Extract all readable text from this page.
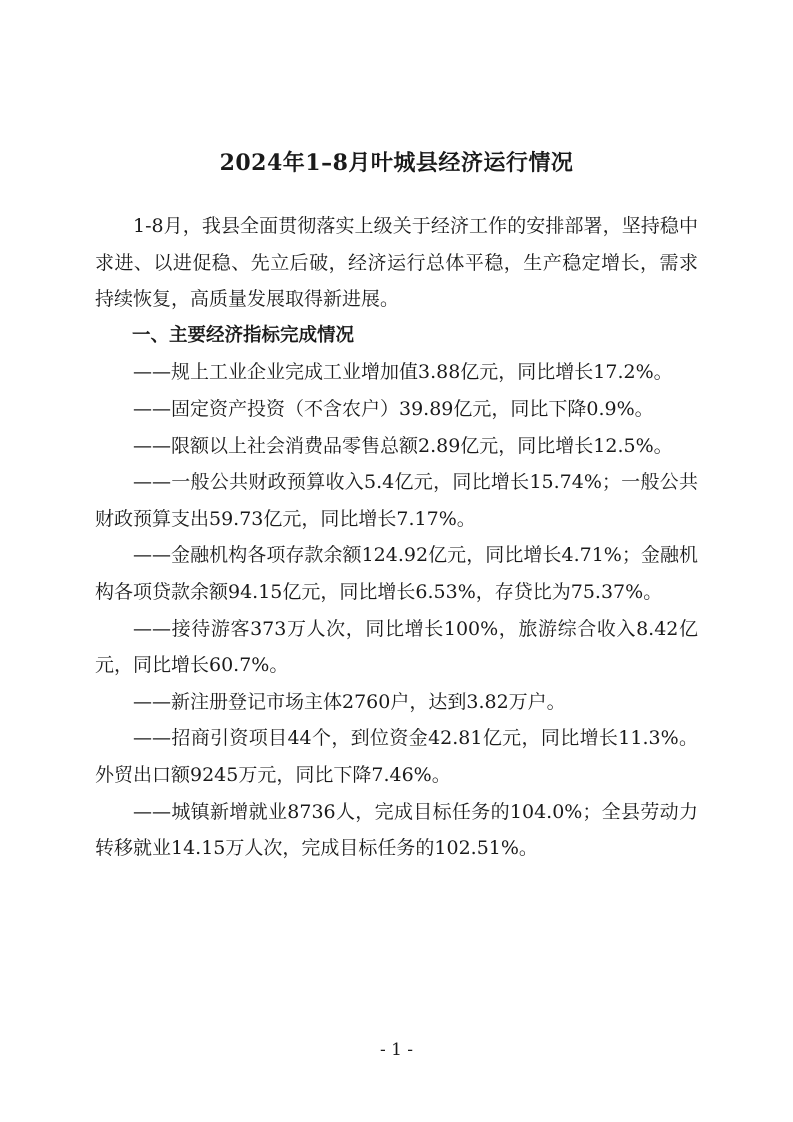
2024年1–8月叶城县经济运行情况

1-8月，我县全面贯彻落实上级关于经济工作的安排部署，坚持稳中求进、以进促稳、先立后破，经济运行总体平稳，生产稳定增长，需求持续恢复，高质量发展取得新进展。

一、主要经济指标完成情况

——规上工业企业完成工业增加值3.88亿元，同比增长17.2%。

——固定资产投资（不含农户）39.89亿元，同比下降0.9%。

——限额以上社会消费品零售总额2.89亿元，同比增长12.5%。

——一般公共财政预算收入5.4亿元，同比增长15.74%；一般公共财政预算支出59.73亿元，同比增长7.17%。

——金融机构各项存款余额124.92亿元，同比增长4.71%；金融机构各项贷款余额94.15亿元，同比增长6.53%，存贷比为75.37%。

——接待游客373万人次，同比增长100%，旅游综合收入8.42亿元，同比增长60.7%。

——新注册登记市场主体2760户，达到3.82万户。

——招商引资项目44个，到位资金42.81亿元，同比增长11.3%。外贸出口额9245万元，同比下降7.46%。

——城镇新增就业8736人，完成目标任务的104.0%；全县劳动力转移就业14.15万人次，完成目标任务的102.51%。

- 1 -
